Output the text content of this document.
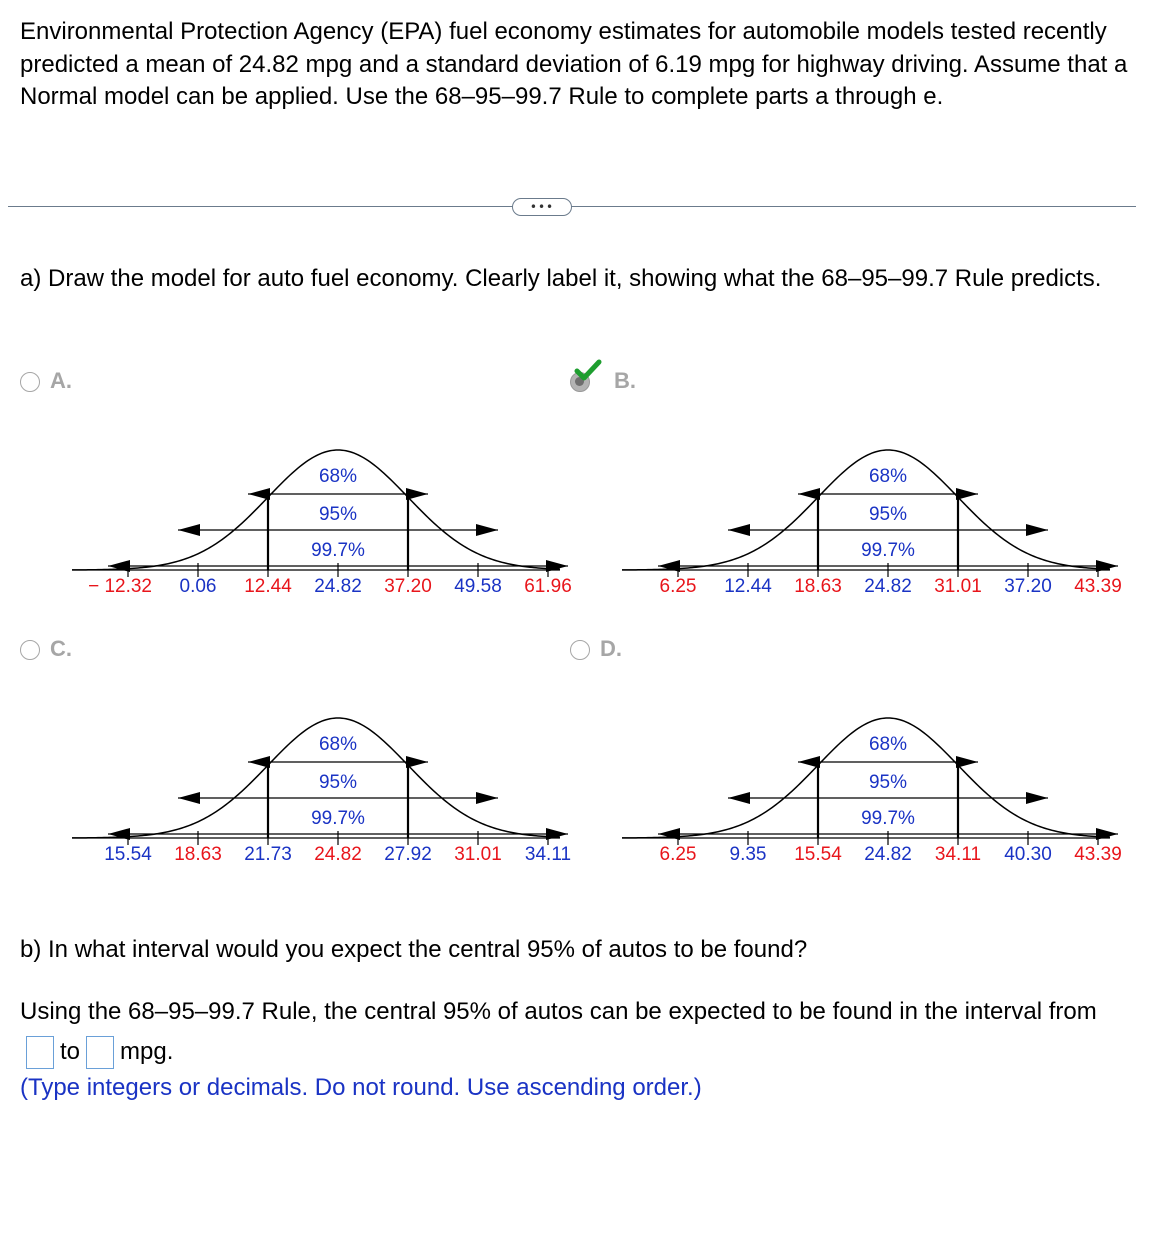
Environmental Protection Agency (EPA) fuel economy estimates for automobile models tested recently predicted a mean of 24.82 mpg and a standard deviation of 6.19 mpg for highway driving. Assume that a Normal model can be applied. Use the 68–95–99.7 Rule to complete parts a through e.

•••

a) Draw the model for auto fuel economy. Clearly label it, showing what the 68–95–99.7 Rule predicts.

A.
68%
95%
99.7%
− 12.32 0.06 12.44 24.82 37.20 49.58 61.96
B.
68%
95%
99.7%
6.25 12.44 18.63 24.82 31.01 37.20 43.39
C.
68%
95%
99.7%
15.54 18.63 21.73 24.82 27.92 31.01 34.11
D.
68%
95%
99.7%
6.25 9.35 15.54 24.82 34.11 40.30 43.39

b) In what interval would you expect the central 95% of autos to be found?

Using the 68–95–99.7 Rule, the central 95% of autos can be expected to be found in the interval fromto mpg.

(Type integers or decimals. Do not round. Use ascending order.)
